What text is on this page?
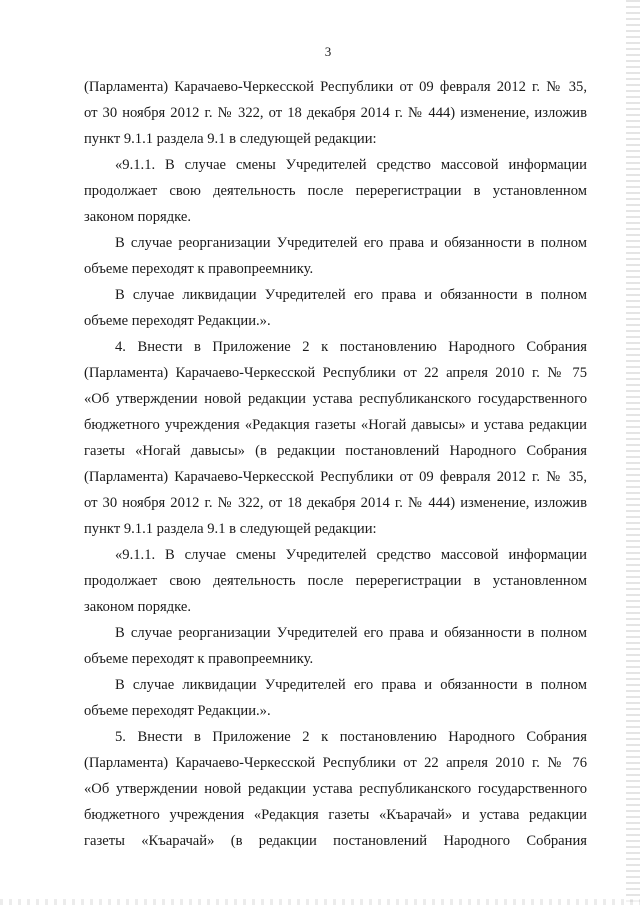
3
(Парламента) Карачаево-Черкесской Республики от 09 февраля 2012 г. № 35,
от 30 ноября 2012 г. № 322, от 18 декабря 2014 г. № 444) изменение, изложив
пункт 9.1.1 раздела 9.1 в следующей редакции:
«9.1.1. В случае смены Учредителей средство массовой информации
продолжает свою деятельность после перерегистрации в установленном
законом порядке.
В случае реорганизации Учредителей его права и обязанности в полном
объеме переходят к правопреемнику.
В случае ликвидации Учредителей его права и обязанности в полном
объеме переходят Редакции.».
4. Внести в Приложение 2 к постановлению Народного Собрания
(Парламента) Карачаево-Черкесской Республики от 22 апреля 2010 г. № 75
«Об утверждении новой редакции устава республиканского государственного
бюджетного учреждения «Редакция газеты «Ногай давысы» и устава редакции
газеты «Ногай давысы» (в редакции постановлений Народного Собрания
(Парламента) Карачаево-Черкесской Республики от 09 февраля 2012 г. № 35,
от 30 ноября 2012 г. № 322, от 18 декабря 2014 г. № 444) изменение, изложив
пункт 9.1.1 раздела 9.1 в следующей редакции:
«9.1.1. В случае смены Учредителей средство массовой информации
продолжает свою деятельность после перерегистрации в установленном
законом порядке.
В случае реорганизации Учредителей его права и обязанности в полном
объеме переходят к правопреемнику.
В случае ликвидации Учредителей его права и обязанности в полном
объеме переходят Редакции.».
5. Внести в Приложение 2 к постановлению Народного Собрания
(Парламента) Карачаево-Черкесской Республики от 22 апреля 2010 г. № 76
«Об утверждении новой редакции устава республиканского государственного
бюджетного учреждения «Редакция газеты «Къарачай» и устава редакции
газеты «Къарачай» (в редакции постановлений Народного Собрания
